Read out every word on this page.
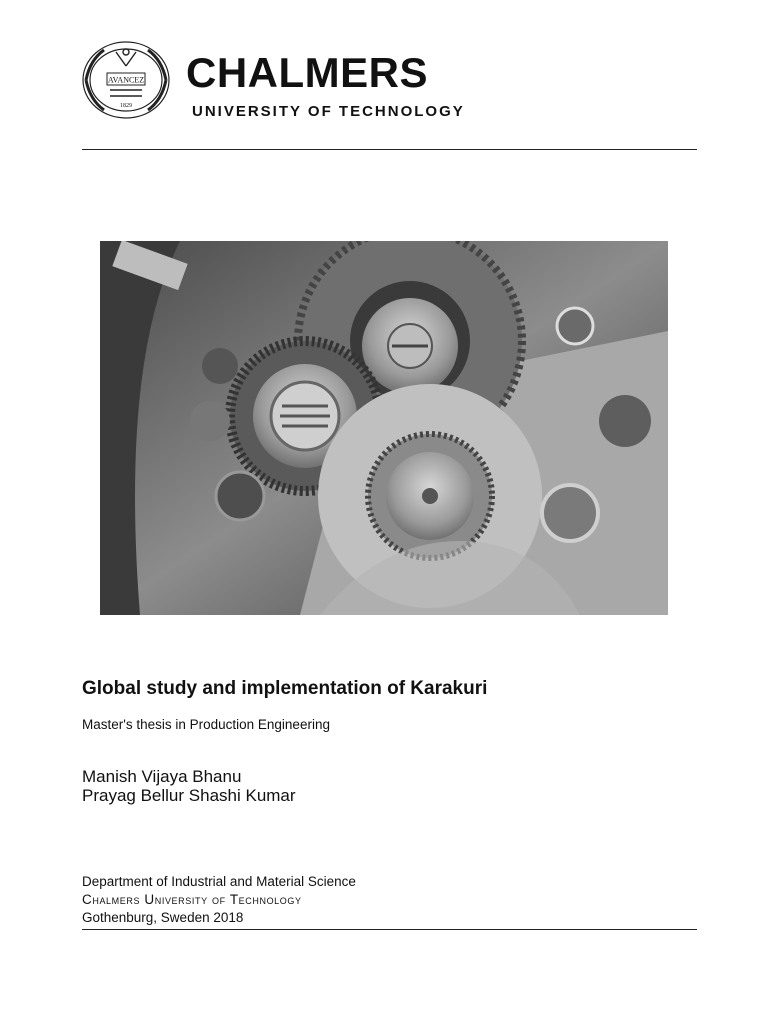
AVANCEZ
1829
CHALMERS
UNIVERSITY OF TECHNOLOGY
Global study and implementation of Karakuri
Master's thesis in Production Engineering
Manish Vijaya Bhanu
Prayag Bellur Shashi Kumar
Department of Industrial and Material Science
Chalmers University of Technology
Gothenburg, Sweden 2018
